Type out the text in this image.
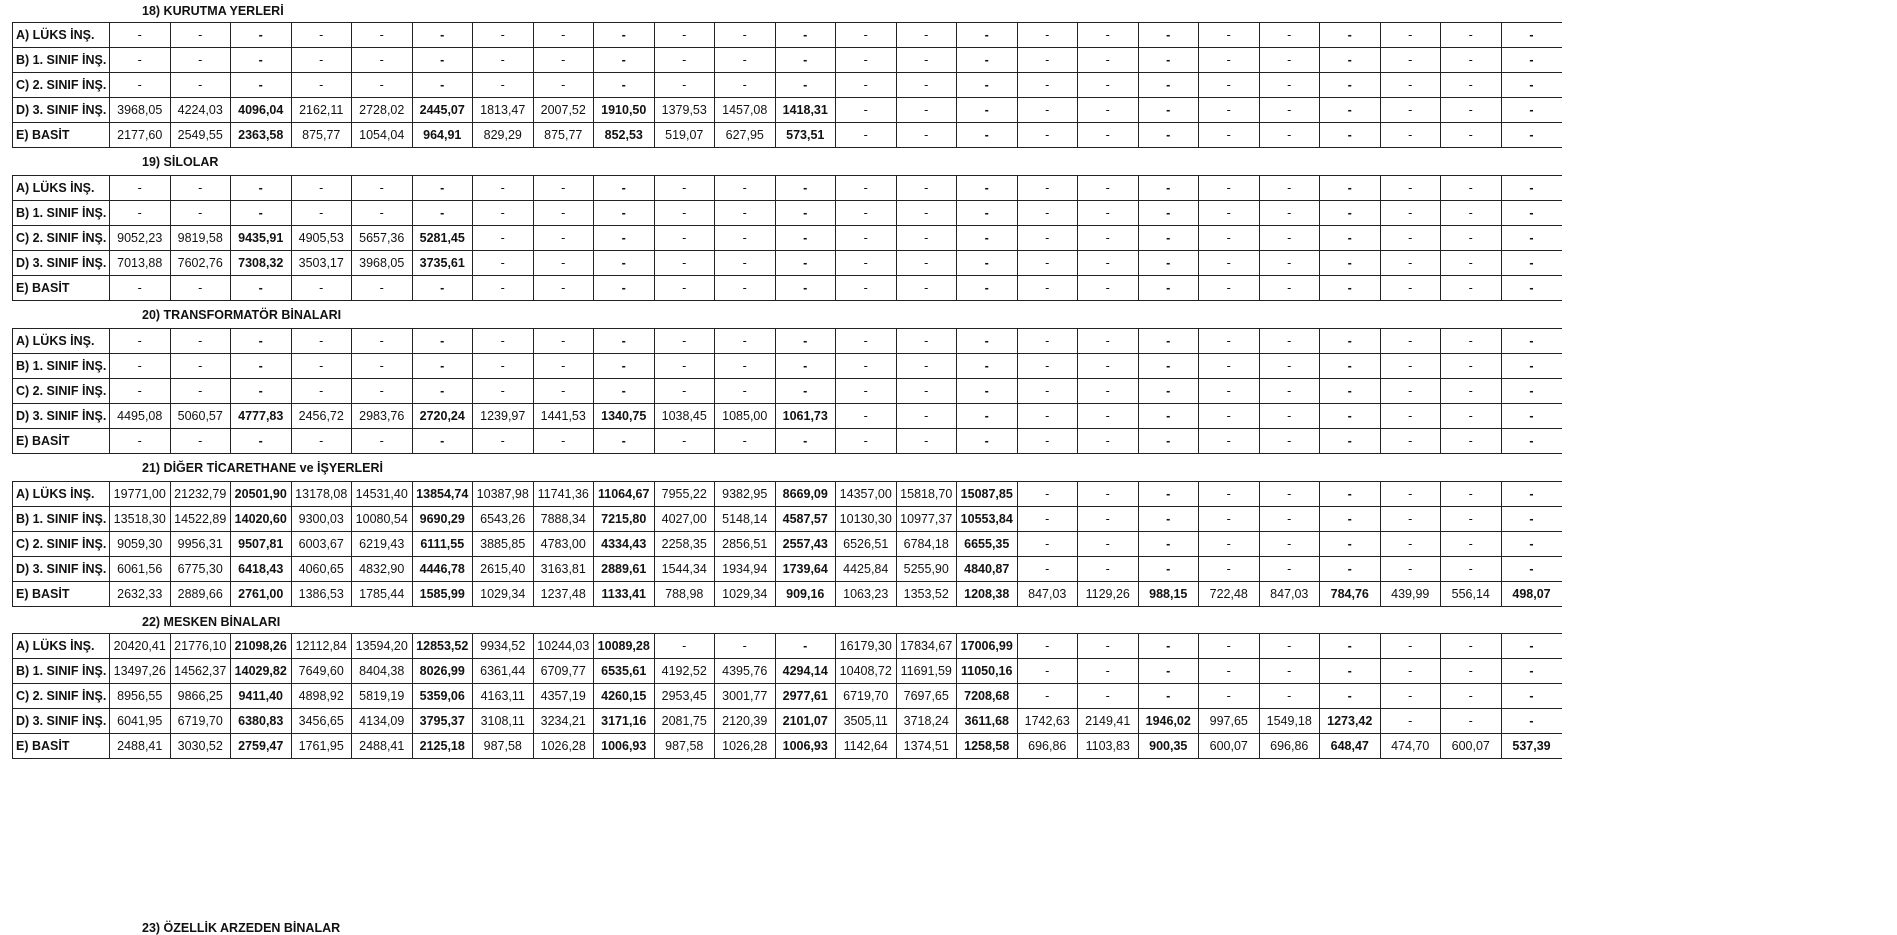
18) KURUTMA YERLERİ
A) LÜKS İNŞ.	-	-	-	-	-	-	-	-	-	-	-	-	-	-	-	-	-	-	-	-	-	-	-	-
B) 1. SINIF İNŞ.	-	-	-	-	-	-	-	-	-	-	-	-	-	-	-	-	-	-	-	-	-	-	-	-
C) 2. SINIF İNŞ.	-	-	-	-	-	-	-	-	-	-	-	-	-	-	-	-	-	-	-	-	-	-	-	-
D) 3. SINIF İNŞ.	3968,05	4224,03	4096,04	2162,11	2728,02	2445,07	1813,47	2007,52	1910,50	1379,53	1457,08	1418,31	-	-	-	-	-	-	-	-	-	-	-	-
E) BASİT	2177,60	2549,55	2363,58	875,77	1054,04	964,91	829,29	875,77	852,53	519,07	627,95	573,51	-	-	-	-	-	-	-	-	-	-	-	-
19) SİLOLAR
A) LÜKS İNŞ.	-	-	-	-	-	-	-	-	-	-	-	-	-	-	-	-	-	-	-	-	-	-	-	-
B) 1. SINIF İNŞ.	-	-	-	-	-	-	-	-	-	-	-	-	-	-	-	-	-	-	-	-	-	-	-	-
C) 2. SINIF İNŞ.	9052,23	9819,58	9435,91	4905,53	5657,36	5281,45	-	-	-	-	-	-	-	-	-	-	-	-	-	-	-	-	-	-
D) 3. SINIF İNŞ.	7013,88	7602,76	7308,32	3503,17	3968,05	3735,61	-	-	-	-	-	-	-	-	-	-	-	-	-	-	-	-	-	-
E) BASİT	-	-	-	-	-	-	-	-	-	-	-	-	-	-	-	-	-	-	-	-	-	-	-	-
20) TRANSFORMATÖR BİNALARI
A) LÜKS İNŞ.	-	-	-	-	-	-	-	-	-	-	-	-	-	-	-	-	-	-	-	-	-	-	-	-
B) 1. SINIF İNŞ.	-	-	-	-	-	-	-	-	-	-	-	-	-	-	-	-	-	-	-	-	-	-	-	-
C) 2. SINIF İNŞ.	-	-	-	-	-	-	-	-	-	-	-	-	-	-	-	-	-	-	-	-	-	-	-	-
D) 3. SINIF İNŞ.	4495,08	5060,57	4777,83	2456,72	2983,76	2720,24	1239,97	1441,53	1340,75	1038,45	1085,00	1061,73	-	-	-	-	-	-	-	-	-	-	-	-
E) BASİT	-	-	-	-	-	-	-	-	-	-	-	-	-	-	-	-	-	-	-	-	-	-	-	-
21) DİĞER TİCARETHANE ve İŞYERLERİ
A) LÜKS İNŞ.	19771,00	21232,79	20501,90	13178,08	14531,40	13854,74	10387,98	11741,36	11064,67	7955,22	9382,95	8669,09	14357,00	15818,70	15087,85	-	-	-	-	-	-	-	-	-
B) 1. SINIF İNŞ.	13518,30	14522,89	14020,60	9300,03	10080,54	9690,29	6543,26	7888,34	7215,80	4027,00	5148,14	4587,57	10130,30	10977,37	10553,84	-	-	-	-	-	-	-	-	-
C) 2. SINIF İNŞ.	9059,30	9956,31	9507,81	6003,67	6219,43	6111,55	3885,85	4783,00	4334,43	2258,35	2856,51	2557,43	6526,51	6784,18	6655,35	-	-	-	-	-	-	-	-	-
D) 3. SINIF İNŞ.	6061,56	6775,30	6418,43	4060,65	4832,90	4446,78	2615,40	3163,81	2889,61	1544,34	1934,94	1739,64	4425,84	5255,90	4840,87	-	-	-	-	-	-	-	-	-
E) BASİT	2632,33	2889,66	2761,00	1386,53	1785,44	1585,99	1029,34	1237,48	1133,41	788,98	1029,34	909,16	1063,23	1353,52	1208,38	847,03	1129,26	988,15	722,48	847,03	784,76	439,99	556,14	498,07
22) MESKEN BİNALARI
A) LÜKS İNŞ.	20420,41	21776,10	21098,26	12112,84	13594,20	12853,52	9934,52	10244,03	10089,28	-	-	-	16179,30	17834,67	17006,99	-	-	-	-	-	-	-	-	-
B) 1. SINIF İNŞ.	13497,26	14562,37	14029,82	7649,60	8404,38	8026,99	6361,44	6709,77	6535,61	4192,52	4395,76	4294,14	10408,72	11691,59	11050,16	-	-	-	-	-	-	-	-	-
C) 2. SINIF İNŞ.	8956,55	9866,25	9411,40	4898,92	5819,19	5359,06	4163,11	4357,19	4260,15	2953,45	3001,77	2977,61	6719,70	7697,65	7208,68	-	-	-	-	-	-	-	-	-
D) 3. SINIF İNŞ.	6041,95	6719,70	6380,83	3456,65	4134,09	3795,37	3108,11	3234,21	3171,16	2081,75	2120,39	2101,07	3505,11	3718,24	3611,68	1742,63	2149,41	1946,02	997,65	1549,18	1273,42	-	-	-
E) BASİT	2488,41	3030,52	2759,47	1761,95	2488,41	2125,18	987,58	1026,28	1006,93	987,58	1026,28	1006,93	1142,64	1374,51	1258,58	696,86	1103,83	900,35	600,07	696,86	648,47	474,70	600,07	537,39
23) ÖZELLİK ARZEDEN BİNALAR
